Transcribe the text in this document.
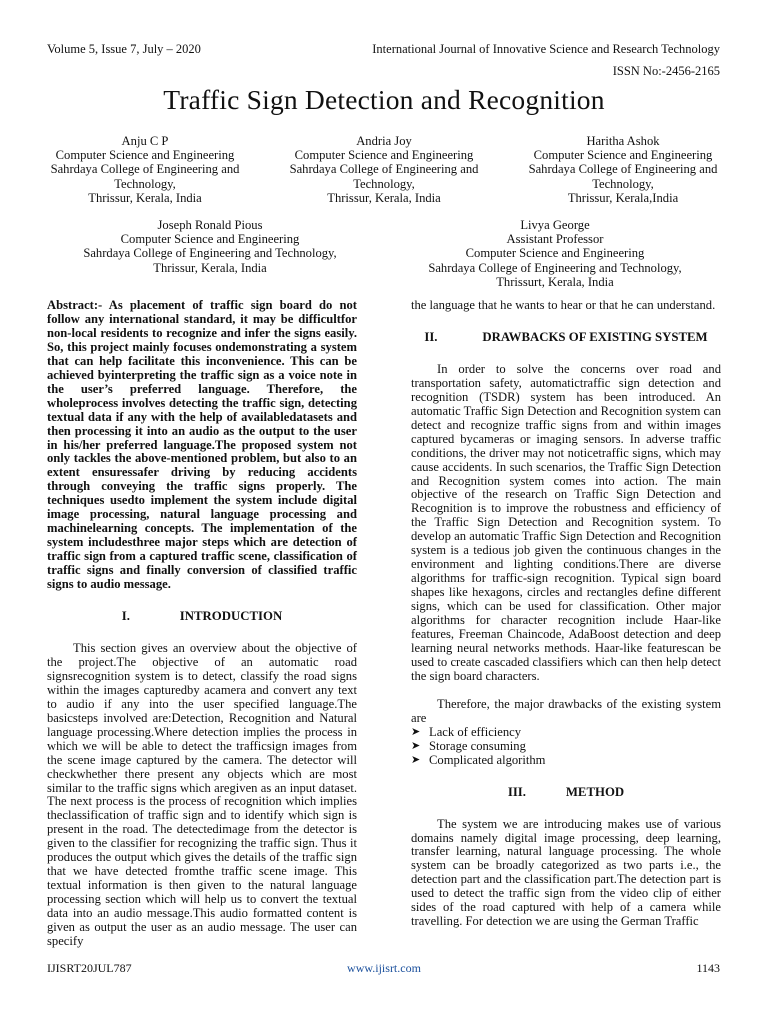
Volume 5, Issue 7, July – 2020	International Journal of Innovative Science and Research Technology
ISSN No:-2456-2165
Traffic Sign Detection and Recognition
Anju C P
Computer Science and Engineering
Sahrdaya College of Engineering and
Technology,
Thrissur, Kerala, India
Andria Joy
Computer Science and Engineering
Sahrdaya College of Engineering and
Technology,
Thrissur, Kerala, India
Haritha Ashok
Computer Science and Engineering
Sahrdaya College of Engineering and
Technology,
Thrissur, Kerala,India
Joseph Ronald Pious
Computer Science and Engineering
Sahrdaya College of Engineering and Technology,
Thrissur, Kerala, India
Livya George
Assistant Professor
Computer Science and Engineering
Sahrdaya College of Engineering and Technology,
Thrissurt, Kerala, India

Abstract:- As placement of traffic sign board do not follow any international standard, it may be difficultfor non-local residents to recognize and infer the signs easily. So, this project mainly focuses ondemonstrating a system that can help facilitate this inconvenience. This can be achieved byinterpreting the traffic sign as a voice note in the user’s preferred language. Therefore, the wholeprocess involves detecting the traffic sign, detecting textual data if any with the help of availabledatasets and then processing it into an audio as the output to the user in his/her preferred language.The proposed system not only tackles the above-mentioned problem, but also to an extent ensuressafer driving by reducing accidents through conveying the traffic signs properly. The techniques usedto implement the system include digital image processing, natural language processing and machinelearning concepts. The implementation of the system includesthree major steps which are detection of traffic sign from a captured traffic scene, classification of traffic signs and finally conversion of classified traffic signs to audio message.

I.	INTRODUCTION

This section gives an overview about the objective of the project.The objective of an automatic road signsrecognition system is to detect, classify the road signs within the images capturedby acamera and convert any text to audio if any into the user specified language.The basicsteps involved are:Detection, Recognition and Natural language processing.Where detection implies the process in which we will be able to detect the trafficsign images from the scene image captured by the camera. The detector will checkwhether there present any objects which are most similar to the traffic signs which aregiven as an input dataset. The next process is the process of recognition which implies theclassification of traffic sign and to identify which sign is present in the road. The detectedimage from the detector is given to the classifier for recognizing the traffic sign. Thus it produces the output which gives the details of the traffic sign that we have detected fromthe traffic scene image. This textual information is then given to the natural language processing section which will help us to convert the textual data into an audio message.This audio formatted content is given as output the user as an audio message. The user can specify

the language that he wants to hear or that he can understand.

II.	DRAWBACKS OF EXISTING SYSTEM

In order to solve the concerns over road and transportation safety, automatictraffic sign detection and recognition (TSDR) system has been introduced. An automatic Traffic Sign Detection and Recognition system can detect and recognize traffic signs from and within images captured bycameras or imaging sensors. In adverse traffic conditions, the driver may not noticetraffic signs, which may cause accidents. In such scenarios, the Traffic Sign Detection and Recognition system comes into action. The main objective of the research on Traffic Sign Detection and Recognition is to improve the robustness and efficiency of the Traffic Sign Detection and Recognition system. To develop an automatic Traffic Sign Detection and Recognition system is a tedious job given the continuous changes in the environment and lighting conditions.There are diverse algorithms for traffic-sign recognition. Typical sign board shapes like hexagons, circles and rectangles define different signs, which can be used for classification. Other major algorithms for character recognition include Haar-like features, Freeman Chaincode, AdaBoost detection and deep learning neural networks methods. Haar-like featurescan be used to create cascaded classifiers which can then help detect the sign board characters.

Therefore, the major drawbacks of the existing system are

➤ Lack of efficiency
➤ Storage consuming
➤ Complicated algorithm
III.	METHOD

The system we are introducing makes use of various domains namely digital image processing, deep learning, transfer learning, natural language processing. The whole system can be broadly categorized as two parts i.e., the detection part and the classification part.The detection part is used to detect the traffic sign from the video clip of either sides of the road captured with help of a camera while travelling. For detection we are using the German Traffic

IJISRT20JUL787	www.ijisrt.com	1143
